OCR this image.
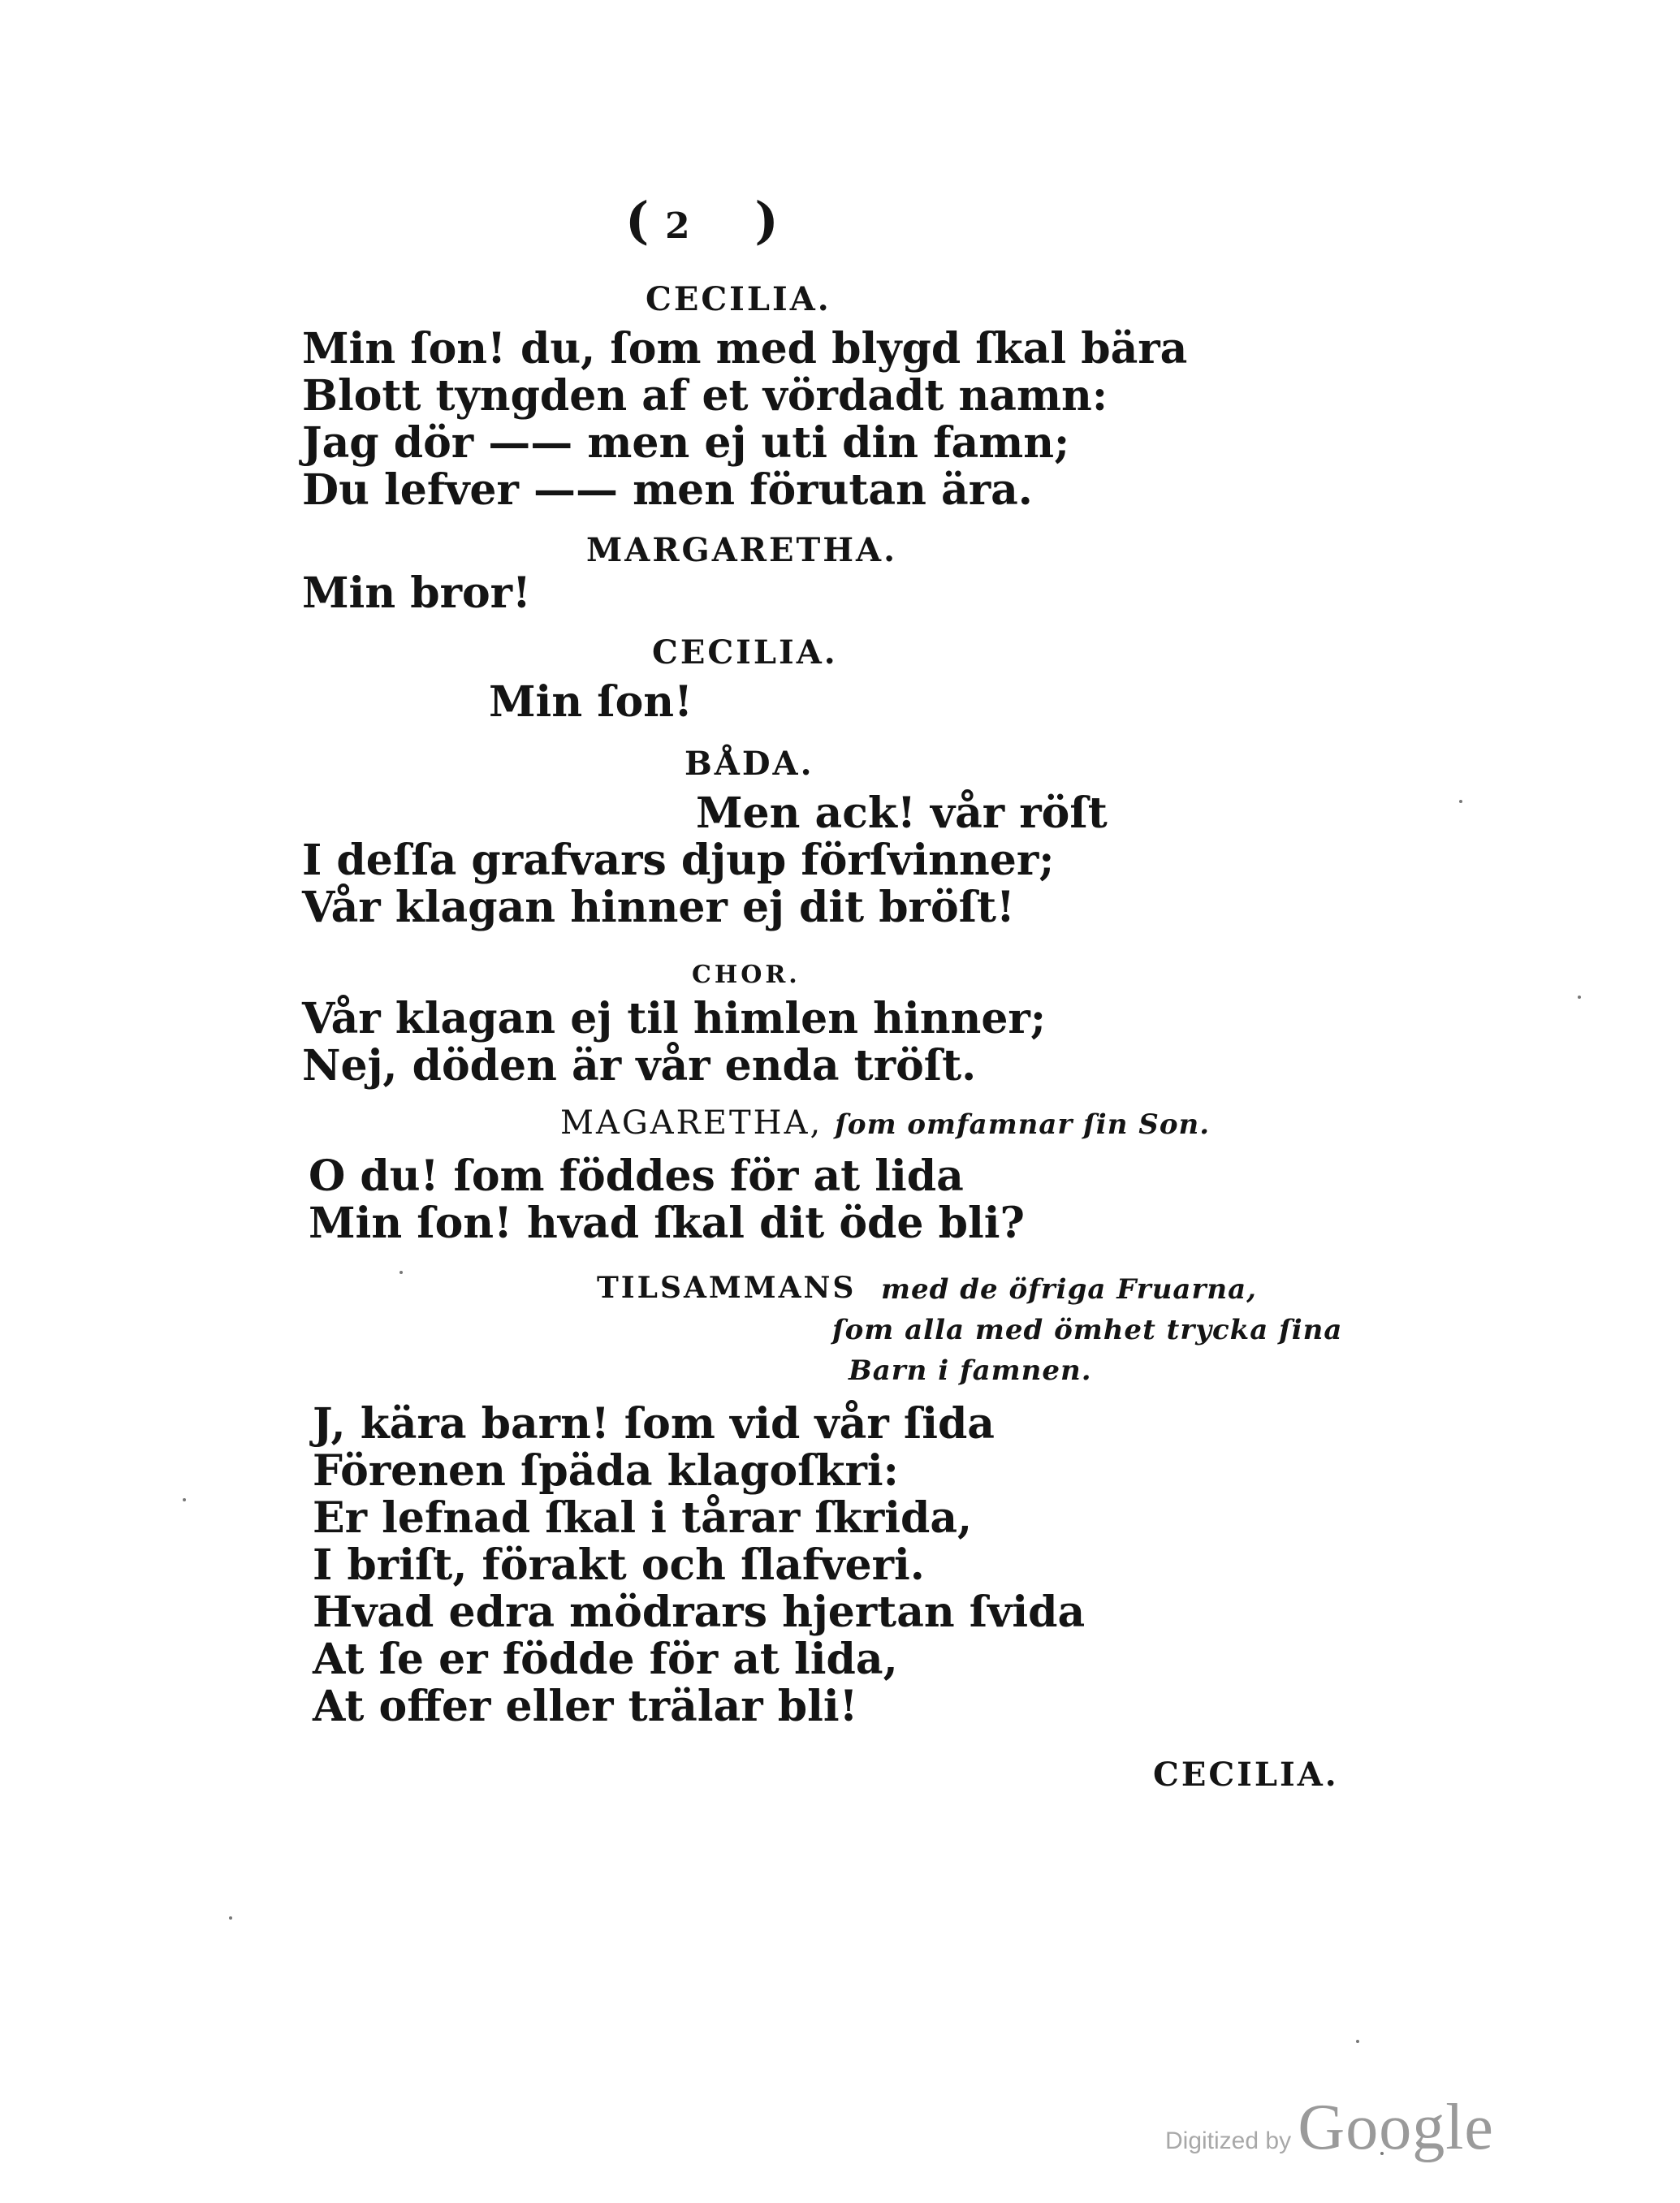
( 2 )
CECILIA.
Min ſon! du, ſom med blygd ſkal bära
Blott tyngden af et vördadt namn:
Jag dör —— men ej uti din famn;
Du lefver —— men förutan ära.
MARGARETHA.
Min bror!
CECILIA.
Min ſon!
BÅDA.
Men ack! vår röſt
I deſſa grafvars djup förſvinner;
Vår klagan hinner ej dit bröſt!
CHOR.
Vår klagan ej til himlen hinner;
Nej, döden är vår enda tröſt.
MAGARETHA, ſom omfamnar ſin Son.
O du! ſom föddes för at lida
Min ſon! hvad ſkal dit öde bli?
TILSAMMANS med de öfriga Fruarna,
ſom alla med ömhet trycka ſina
Barn i famnen.
J, kära barn! ſom vid vår ſida
Förenen ſpäda klagoſkri:
Er lefnad ſkal i tårar ſkrida,
I briſt, förakt och ſlafveri.
Hvad edra mödrars hjertan ſvida
At ſe er födde för at lida,
At offer eller trälar bli!
CECILIA.
Digitized by Google
